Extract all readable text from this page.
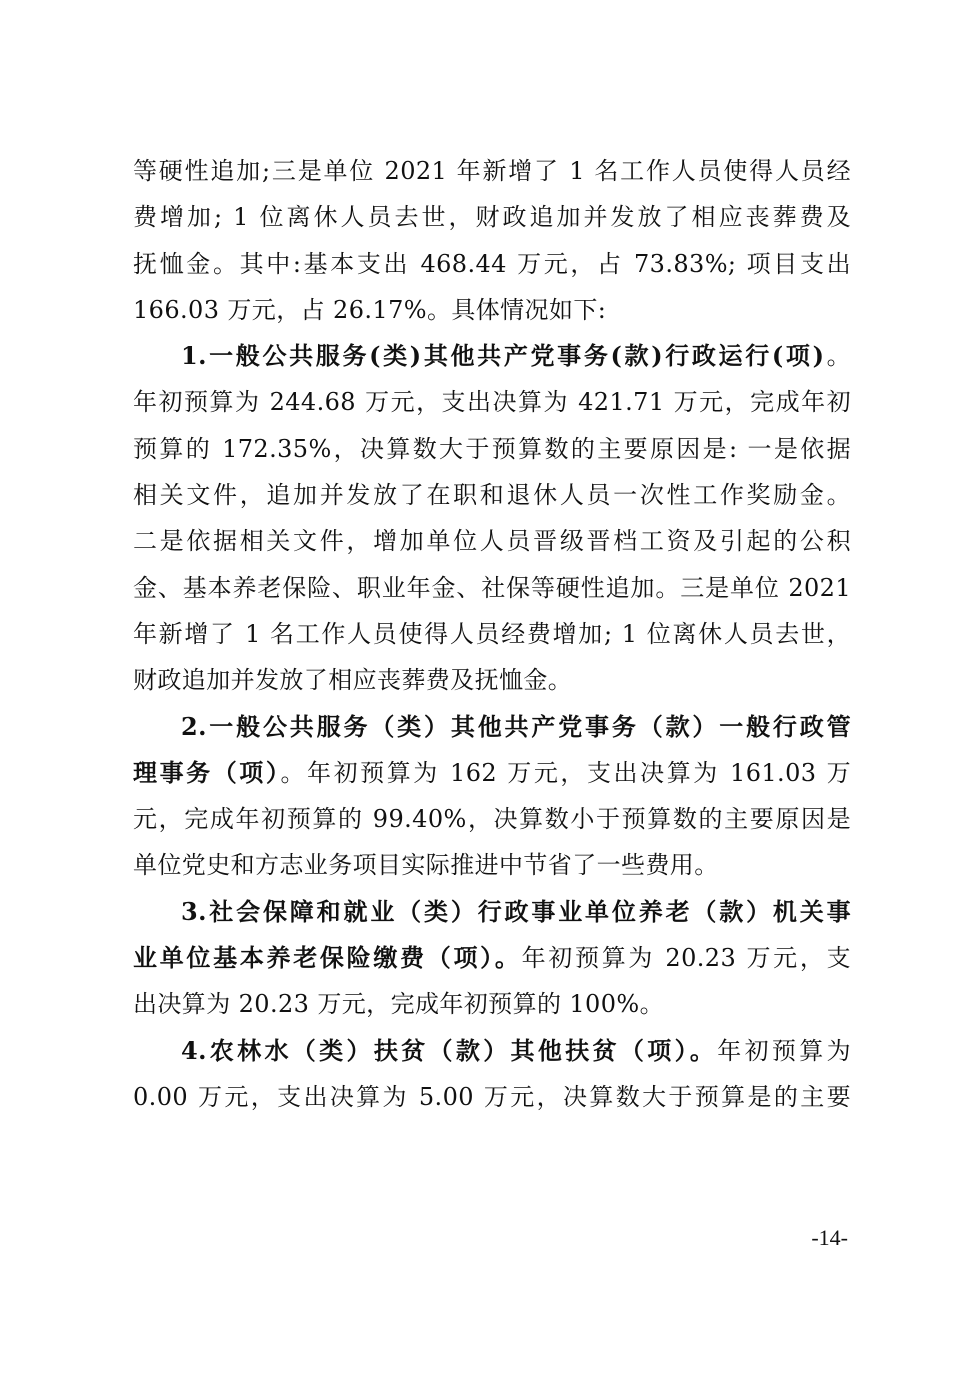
等硬性追加;三是单位 2021 年新增了 1 名工作人员使得人员经
费增加; 1 位离休人员去世，财政追加并发放了相应丧葬费及
抚恤金。其中:基本支出 468.44 万元，占 73.83%; 项目支出
166.03 万元，占 26.17%。具体情况如下:
1.一般公共服务(类)其他共产党事务(款)行政运行(项)。
年初预算为 244.68 万元，支出决算为 421.71 万元，完成年初
预算的 172.35%，决算数大于预算数的主要原因是: 一是依据
相关文件，追加并发放了在职和退休人员一次性工作奖励金。
二是依据相关文件，增加单位人员晋级晋档工资及引起的公积
金、基本养老保险、职业年金、社保等硬性追加。三是单位 2021
年新增了 1 名工作人员使得人员经费增加; 1 位离休人员去世，
财政追加并发放了相应丧葬费及抚恤金。
2.一般公共服务（类）其他共产党事务（款）一般行政管
理事务（项）。年初预算为 162 万元，支出决算为 161.03 万
元，完成年初预算的 99.40%，决算数小于预算数的主要原因是
单位党史和方志业务项目实际推进中节省了一些费用。
3.社会保障和就业（类）行政事业单位养老（款）机关事
业单位基本养老保险缴费（项）。年初预算为 20.23 万元，支
出决算为 20.23 万元，完成年初预算的 100%。
4.农林水（类）扶贫（款）其他扶贫（项）。年初预算为
0.00 万元，支出决算为 5.00 万元，决算数大于预算是的主要
-14-
